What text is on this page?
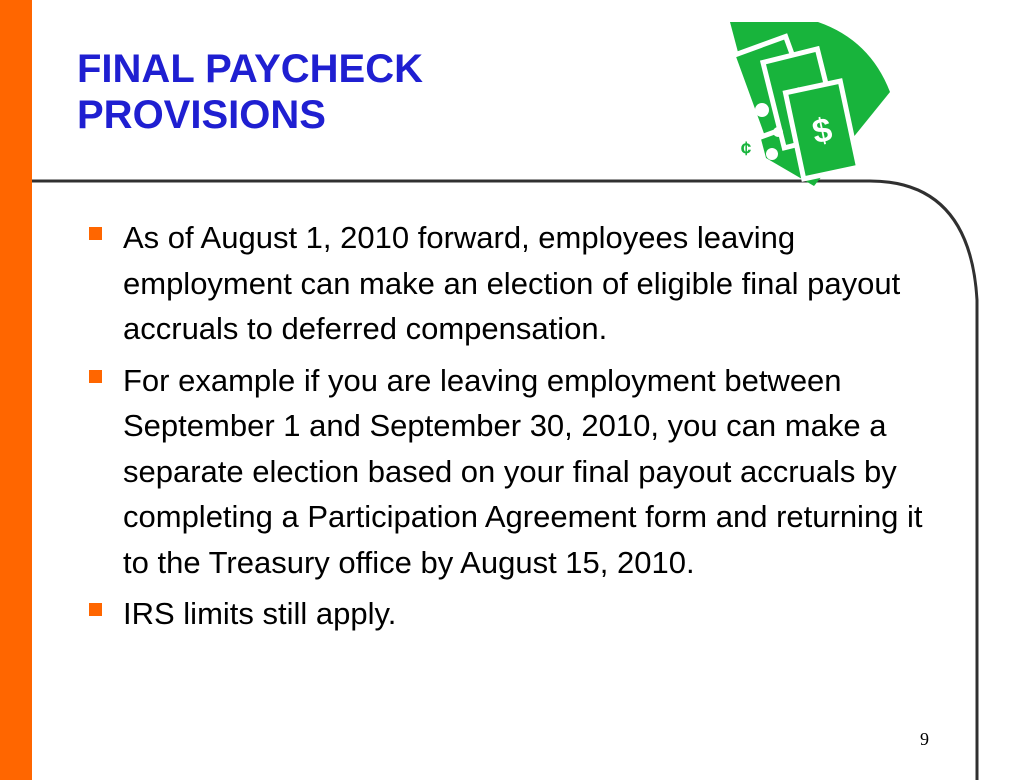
FINAL PAYCHECK
PROVISIONS	$
¢
As of August 1, 2010 forward, employees leaving employment can make an election of eligible final payout accruals to deferred compensation.
For example if you are leaving employment between September 1 and September 30, 2010, you can make a separate election based on your final payout accruals by completing a Participation Agreement form and returning it to the Treasury office by August 15, 2010.
IRS limits still apply.
9
